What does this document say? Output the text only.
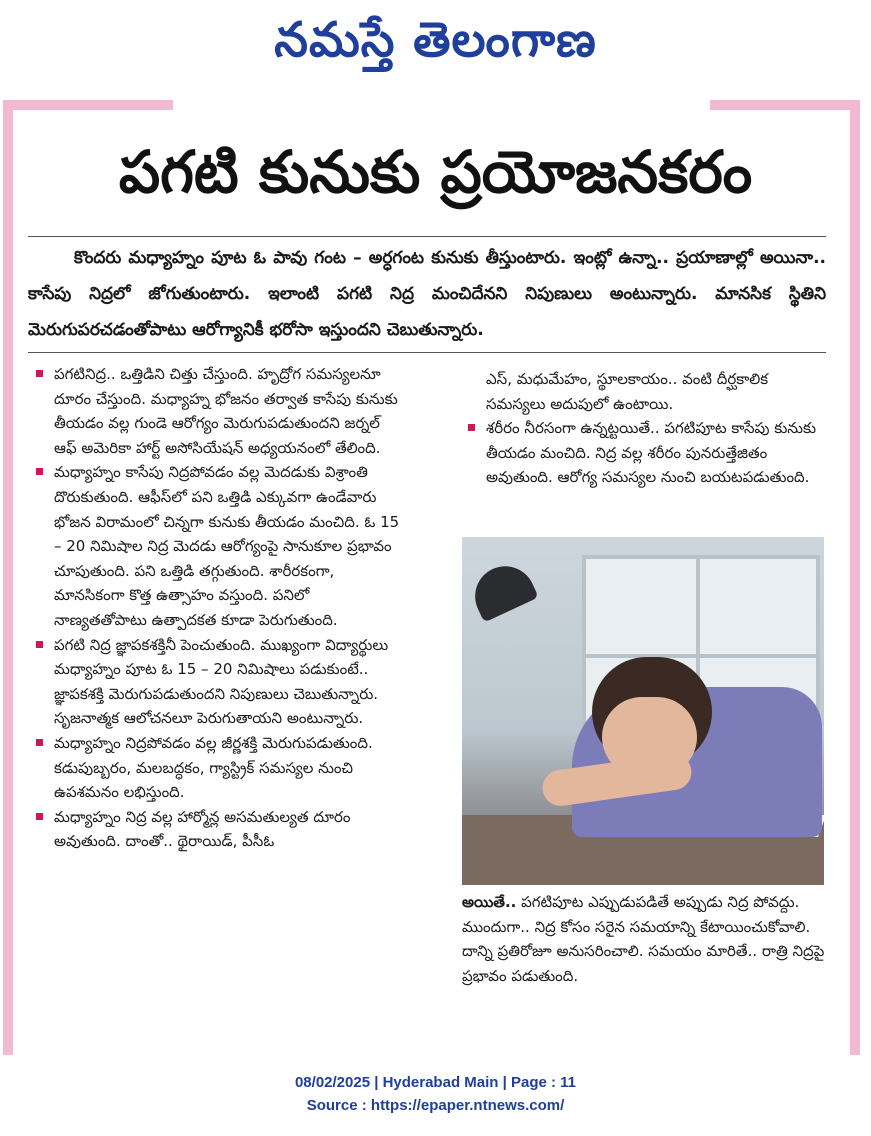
నమస్తే తెలంగాణ
పగటి కునుకు ప్రయోజనకరం

కొందరు మధ్యాహ్నం పూట ఓ పావు గంట – అర్ధగంట కునుకు తీస్తుంటారు. ఇంట్లో ఉన్నా.. ప్రయాణాల్లో అయినా.. కాసేపు నిద్రలో జోగుతుంటారు. ఇలాంటి పగటి నిద్ర మంచిదేనని నిపుణులు అంటున్నారు. మానసిక స్థితిని మెరుగుపరచడంతోపాటు ఆరోగ్యానికీ భరోసా ఇస్తుందని చెబుతున్నారు.

పగటినిద్ర.. ఒత్తిడిని చిత్తు చేస్తుంది. హృద్రోగ సమస్యలనూ దూరం చేస్తుంది. మధ్యాహ్న భోజనం తర్వాత కాసేపు కునుకు తీయడం వల్ల గుండె ఆరోగ్యం మెరుగుపడుతుందని జర్నల్ ఆఫ్ అమెరికా హార్ట్ అసోసియేషన్ అధ్యయనంలో తేలింది.
మధ్యాహ్నం కాసేపు నిద్రపోవడం వల్ల మెదడుకు విశ్రాంతి దొరుకుతుంది. ఆఫీస్‌లో పని ఒత్తిడి ఎక్కువగా ఉండేవారు భోజన విరామంలో చిన్నగా కునుకు తీయడం మంచిది. ఓ 15 – 20 నిమిషాల నిద్ర మెదడు ఆరోగ్యంపై సానుకూల ప్రభావం చూపుతుంది. పని ఒత్తిడి తగ్గుతుంది. శారీరకంగా, మానసికంగా కొత్త ఉత్సాహం వస్తుంది. పనిలో నాణ్యతతోపాటు ఉత్పాదకత కూడా పెరుగుతుంది.
పగటి నిద్ర జ్ఞాపకశక్తినీ పెంచుతుంది. ముఖ్యంగా విద్యార్థులు మధ్యాహ్నం పూట ఓ 15 – 20 నిమిషాలు పడుకుంటే.. జ్ఞాపకశక్తి మెరుగుపడుతుందని నిపుణులు చెబుతున్నారు. సృజనాత్మక ఆలోచనలూ పెరుగుతాయని అంటున్నారు.
మధ్యాహ్నం నిద్రపోవడం వల్ల జీర్ణశక్తి మెరుగుపడుతుంది. కడుపుబ్బరం, మలబద్ధకం, గ్యాస్ట్రిక్ సమస్యల నుంచి ఉపశమనం లభిస్తుంది.
మధ్యాహ్నం నిద్ర వల్ల హార్మోన్ల అసమతుల్యత దూరం అవుతుంది. దాంతో.. థైరాయిడ్, పీసీఓ
ఎస్, మధుమేహం, స్థూలకాయం.. వంటి దీర్ఘకాలిక సమస్యలు అదుపులో ఉంటాయి.
శరీరం నీరసంగా ఉన్నట్టయితే.. పగటిపూట కాసేపు కునుకు తీయడం మంచిది. నిద్ర వల్ల శరీరం పునరుత్తేజితం అవుతుంది. ఆరోగ్య సమస్యల నుంచి బయటపడుతుంది.
అయితే.. పగటిపూట ఎప్పుడుపడితే అప్పుడు నిద్ర పోవద్దు. ముందుగా.. నిద్ర కోసం సరైన సమయాన్ని కేటాయించుకోవాలి. దాన్ని ప్రతిరోజూ అనుసరించాలి. సమయం మారితే.. రాత్రి నిద్రపై ప్రభావం పడుతుంది.
08/02/2025 | Hyderabad Main | Page : 11
Source : https://epaper.ntnews.com/
